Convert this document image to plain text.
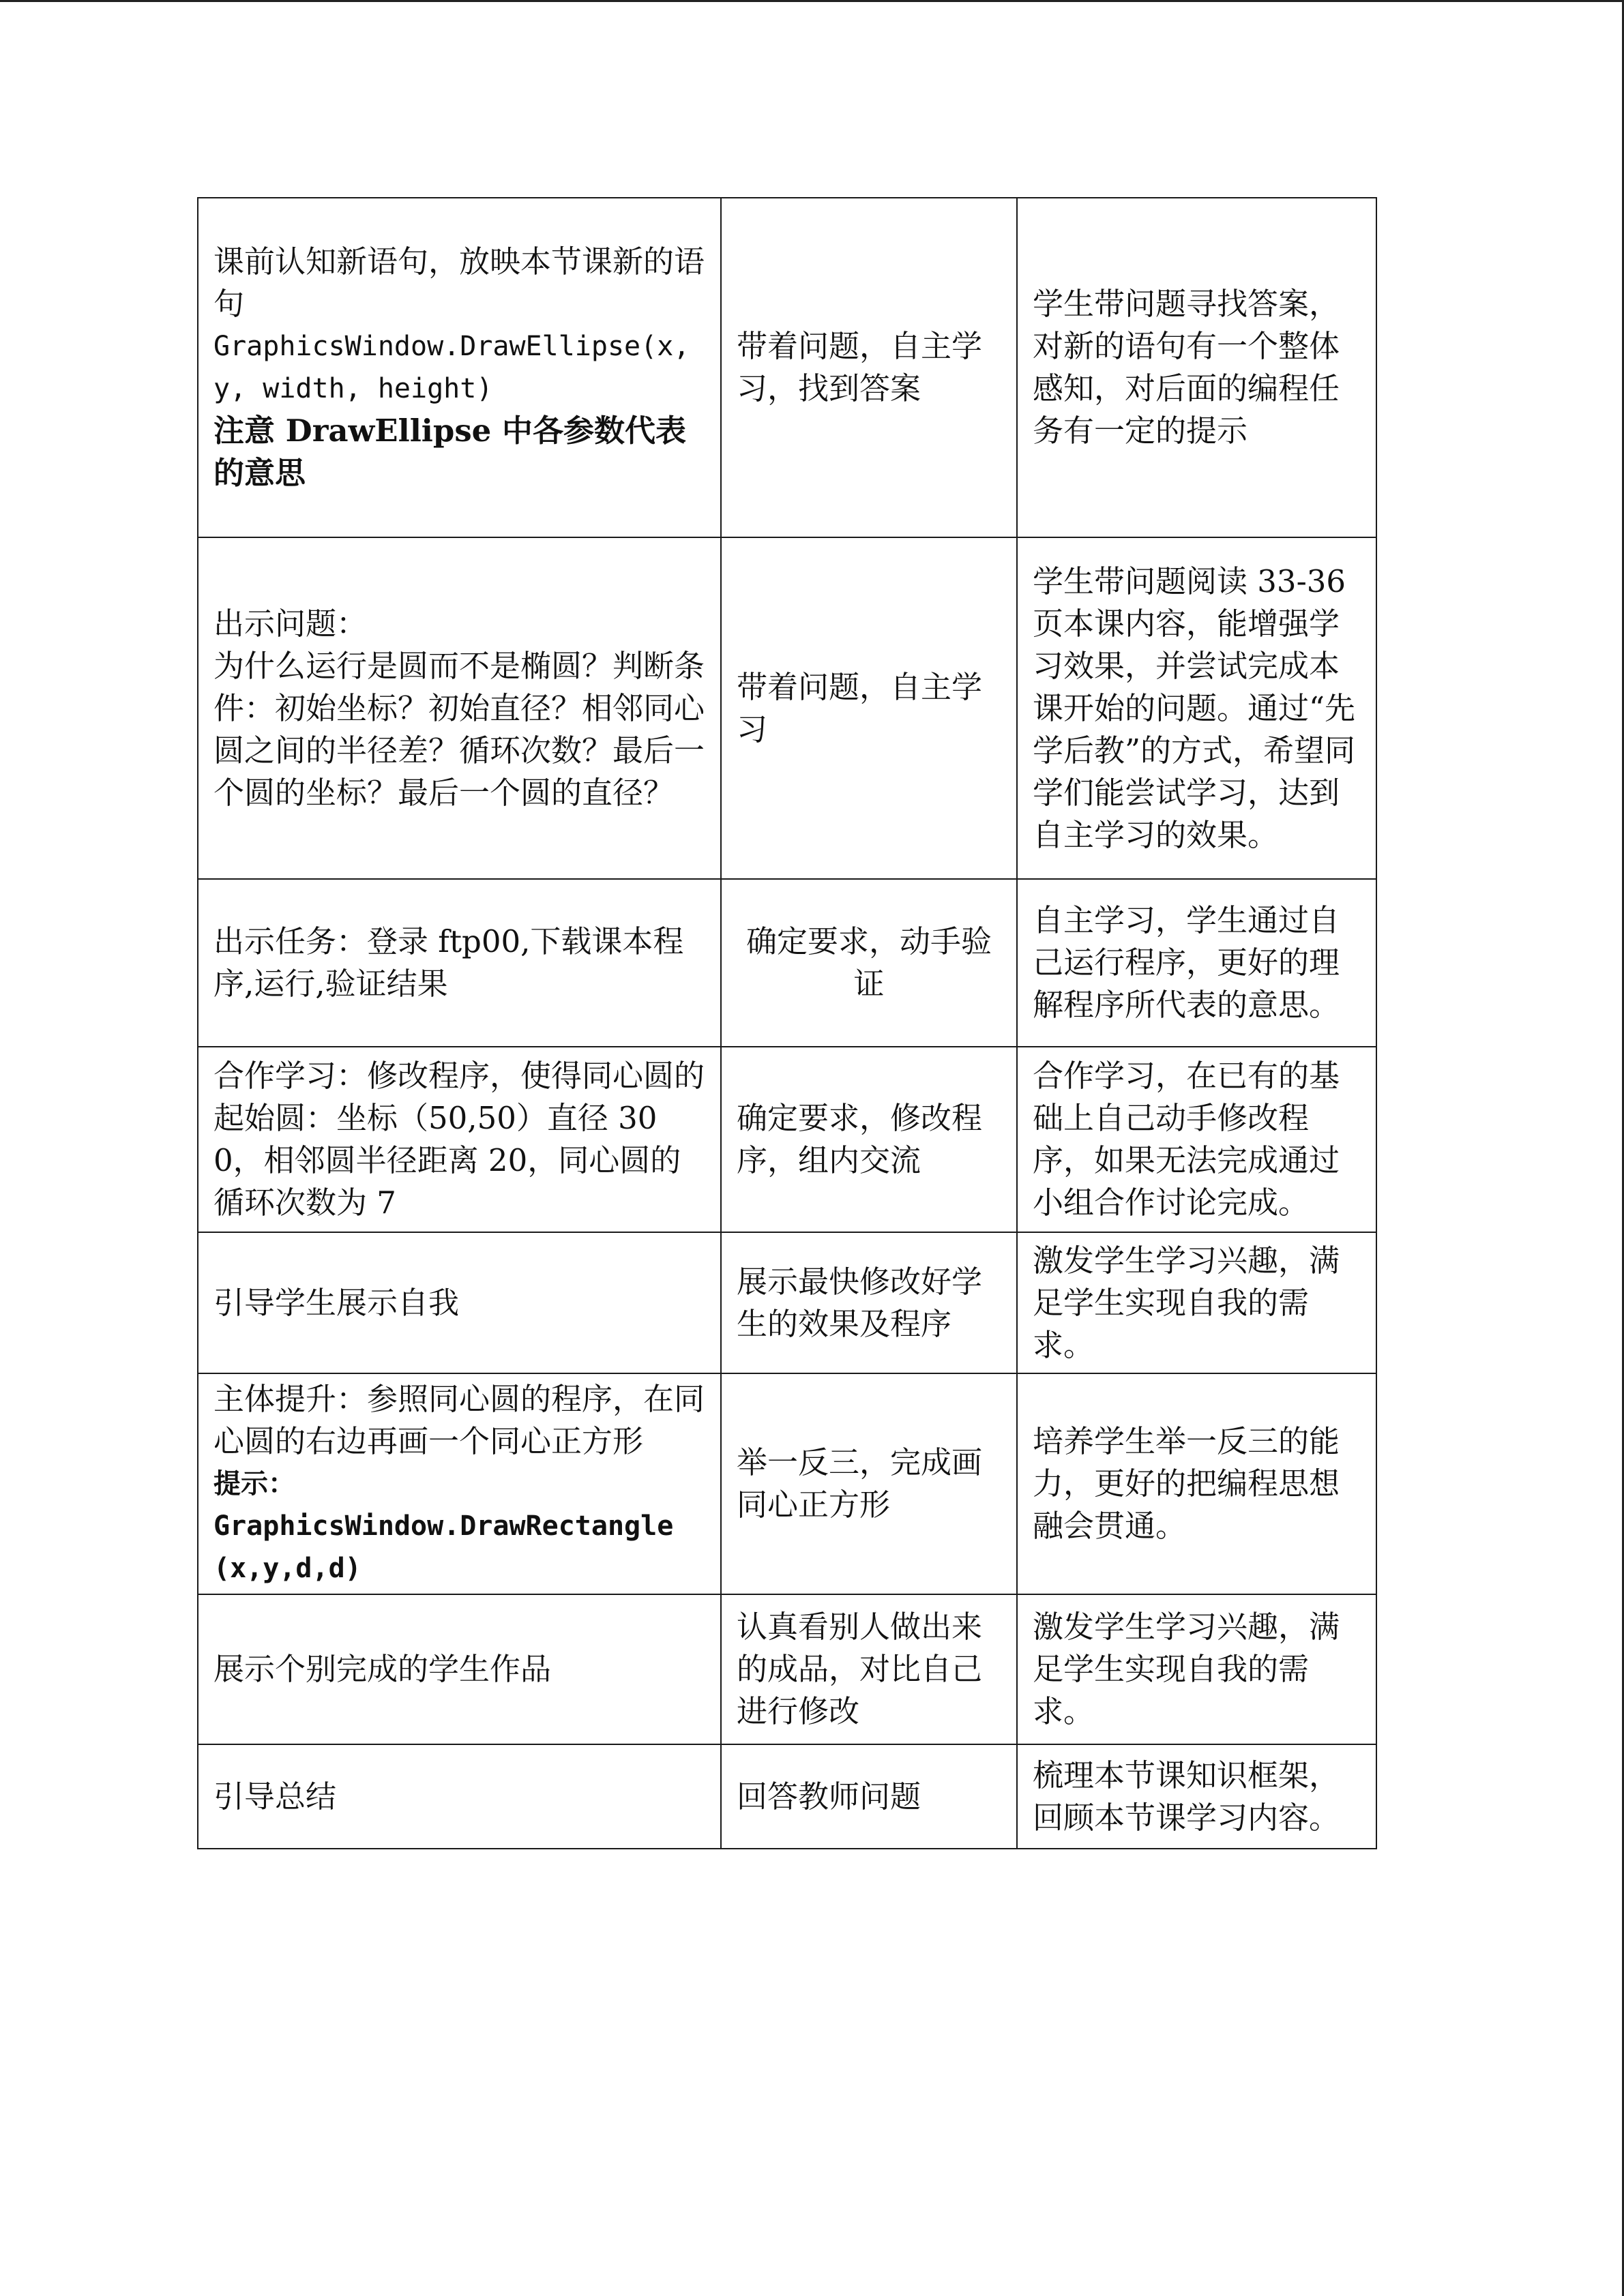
课前认知新语句，放映本节课新的语句
GraphicsWindow.DrawEllipse(x,y, width, height)
注意 DrawEllipse 中各参数代表的意思	带着问题，自主学习，找到答案	学生带问题寻找答案，对新的语句有一个整体感知，对后面的编程任务有一定的提示

出示问题：
为什么运行是圆而不是椭圆？判断条件：初始坐标？初始直径？相邻同心圆之间的半径差？循环次数？最后一个圆的坐标？最后一个圆的直径？	带着问题，自主学习	学生带问题阅读 33-36 页本课内容，能增强学习效果，并尝试完成本课开始的问题。通过“先学后教”的方式，希望同学们能尝试学习，达到自主学习的效果。

出示任务：登录 ftp00,下载课本程序,运行,验证结果	确定要求，动手验证	自主学习，学生通过自己运行程序，更好的理解程序所代表的意思。

合作学习：修改程序，使得同心圆的起始圆：坐标（50,50）直径 300，相邻圆半径距离 20，同心圆的循环次数为 7	确定要求，修改程序，组内交流	合作学习，在已有的基础上自己动手修改程序，如果无法完成通过小组合作讨论完成。

引导学生展示自我	展示最快修改好学生的效果及程序	激发学生学习兴趣，满足学生实现自我的需求。

主体提升：参照同心圆的程序，在同心圆的右边再画一个同心正方形
提示：
GraphicsWindow.DrawRectangle(x,y,d,d)	举一反三，完成画同心正方形	培养学生举一反三的能力，更好的把编程思想融会贯通。

展示个别完成的学生作品	认真看别人做出来的成品，对比自己进行修改	激发学生学习兴趣，满足学生实现自我的需求。

引导总结	回答教师问题	梳理本节课知识框架，回顾本节课学习内容。
